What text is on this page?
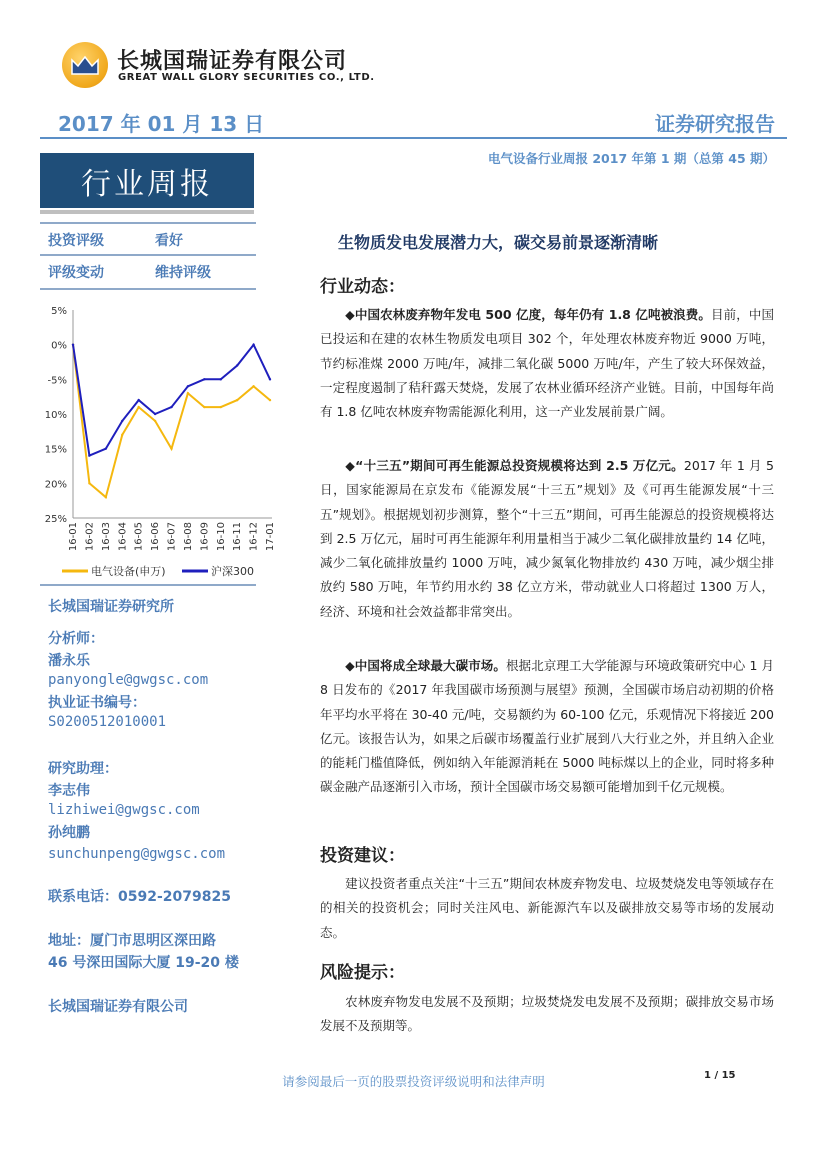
长城国瑞证券有限公司
GREAT WALL GLORY SECURITIES CO., LTD.
2017 年 01 月 13 日	证券研究报告
行业周报
电气设备行业周报 2017 年第 1 期（总第 45 期）
投资评级	看好
评级变动	维持评级
5%
0%
-5%
10%
15%
20%
25%
16-01 16-02 16-03 16-04 16-05 16-06 16-07 16-08 16-09 16-10 16-11 16-12 17-01
电气设备(申万)	沪深300
长城国瑞证券研究所
分析师：
潘永乐
panyongle@gwgsc.com
执业证书编号：
S0200512010001
研究助理：
李志伟
lizhiwei@gwgsc.com
孙纯鹏
sunchunpeng@gwgsc.com
联系电话：0592-2079825
地址：厦门市思明区深田路
46 号深田国际大厦 19-20 楼
长城国瑞证券有限公司
生物质发电发展潜力大，碳交易前景逐渐清晰
行业动态：
◆中国农林废弃物年发电 500 亿度，每年仍有 1.8 亿吨被浪费。目前，中国已投运和在建的农林生物质发电项目 302 个，年处理农林废弃物近 9000 万吨，节约标准煤 2000 万吨/年，减排二氧化碳 5000 万吨/年，产生了较大环保效益，一定程度遏制了秸秆露天焚烧，发展了农林业循环经济产业链。目前，中国每年尚有 1.8 亿吨农林废弃物需能源化利用，这一产业发展前景广阔。
◆“十三五”期间可再生能源总投资规模将达到 2.5 万亿元。2017 年 1 月 5 日，国家能源局在京发布《能源发展“十三五”规划》及《可再生能源发展“十三五”规划》。根据规划初步测算，整个“十三五”期间，可再生能源总的投资规模将达到 2.5 万亿元，届时可再生能源年利用量相当于减少二氧化碳排放量约 14 亿吨，减少二氧化硫排放量约 1000 万吨，减少氮氧化物排放约 430 万吨，减少烟尘排放约 580 万吨，年节约用水约 38 亿立方米，带动就业人口将超过 1300 万人，经济、环境和社会效益都非常突出。
◆中国将成全球最大碳市场。根据北京理工大学能源与环境政策研究中心 1 月 8 日发布的《2017 年我国碳市场预测与展望》预测，全国碳市场启动初期的价格年平均水平将在 30-40 元/吨，交易额约为 60-100 亿元，乐观情况下将接近 200 亿元。该报告认为，如果之后碳市场覆盖行业扩展到八大行业之外，并且纳入企业的能耗门槛值降低，例如纳入年能源消耗在 5000 吨标煤以上的企业，同时将多种碳金融产品逐渐引入市场，预计全国碳市场交易额可能增加到千亿元规模。
投资建议：
建议投资者重点关注“十三五”期间农林废弃物发电、垃圾焚烧发电等领域存在的相关的投资机会；同时关注风电、新能源汽车以及碳排放交易等市场的发展动态。
风险提示：
农林废弃物发电发展不及预期；垃圾焚烧发电发展不及预期；碳排放交易市场发展不及预期等。
请参阅最后一页的股票投资评级说明和法律声明	1 / 15
